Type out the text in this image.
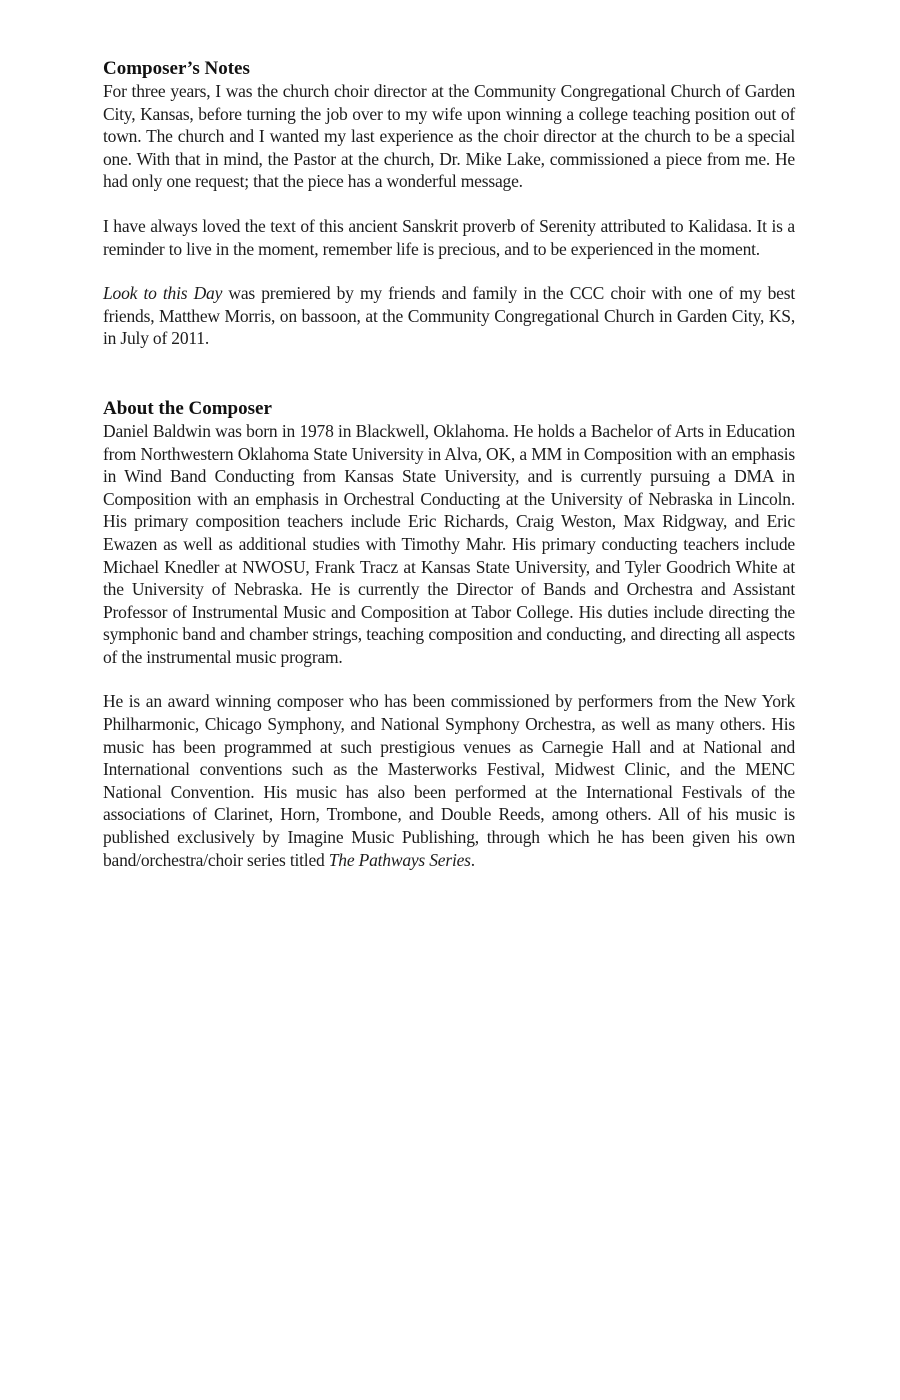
Composer’s Notes

For three years, I was the church choir director at the Community Congregational Church of Garden City, Kansas, before turning the job over to my wife upon winning a college teaching position out of town. The church and I wanted my last experience as the choir director at the church to be a special one. With that in mind, the Pastor at the church, Dr. Mike Lake, commissioned a piece from me. He had only one request; that the piece has a wonderful message.

I have always loved the text of this ancient Sanskrit proverb of Serenity attributed to Kalidasa. It is a reminder to live in the moment, remember life is precious, and to be experienced in the moment.

Look to this Day was premiered by my friends and family in the CCC choir with one of my best friends, Matthew Morris, on bassoon, at the Community Congregational Church in Garden City, KS, in July of 2011.

About the Composer

Daniel Baldwin was born in 1978 in Blackwell, Oklahoma. He holds a Bachelor of Arts in Education from Northwestern Oklahoma State University in Alva, OK, a MM in Composition with an emphasis in Wind Band Conducting from Kansas State University, and is currently pursuing a DMA in Composition with an emphasis in Orchestral Conducting at the University of Nebraska in Lincoln. His primary composition teachers include Eric Richards, Craig Weston, Max Ridgway, and Eric Ewazen as well as additional studies with Timothy Mahr. His primary conducting teachers include Michael Knedler at NWOSU, Frank Tracz at Kansas State University, and Tyler Goodrich White at the University of Nebraska. He is currently the Director of Bands and Orchestra and Assistant Professor of Instrumental Music and Composition at Tabor College. His duties include directing the symphonic band and chamber strings, teaching composition and conducting, and directing all aspects of the instrumental music program.

He is an award winning composer who has been commissioned by performers from the New York Philharmonic, Chicago Symphony, and National Symphony Orchestra, as well as many others. His music has been programmed at such prestigious venues as Carnegie Hall and at National and International conventions such as the Masterworks Festival, Midwest Clinic, and the MENC National Convention. His music has also been performed at the International Festivals of the associations of Clarinet, Horn, Trombone, and Double Reeds, among others. All of his music is published exclusively by Imagine Music Publishing, through which he has been given his own band/orchestra/choir series titled The Pathways Series.
